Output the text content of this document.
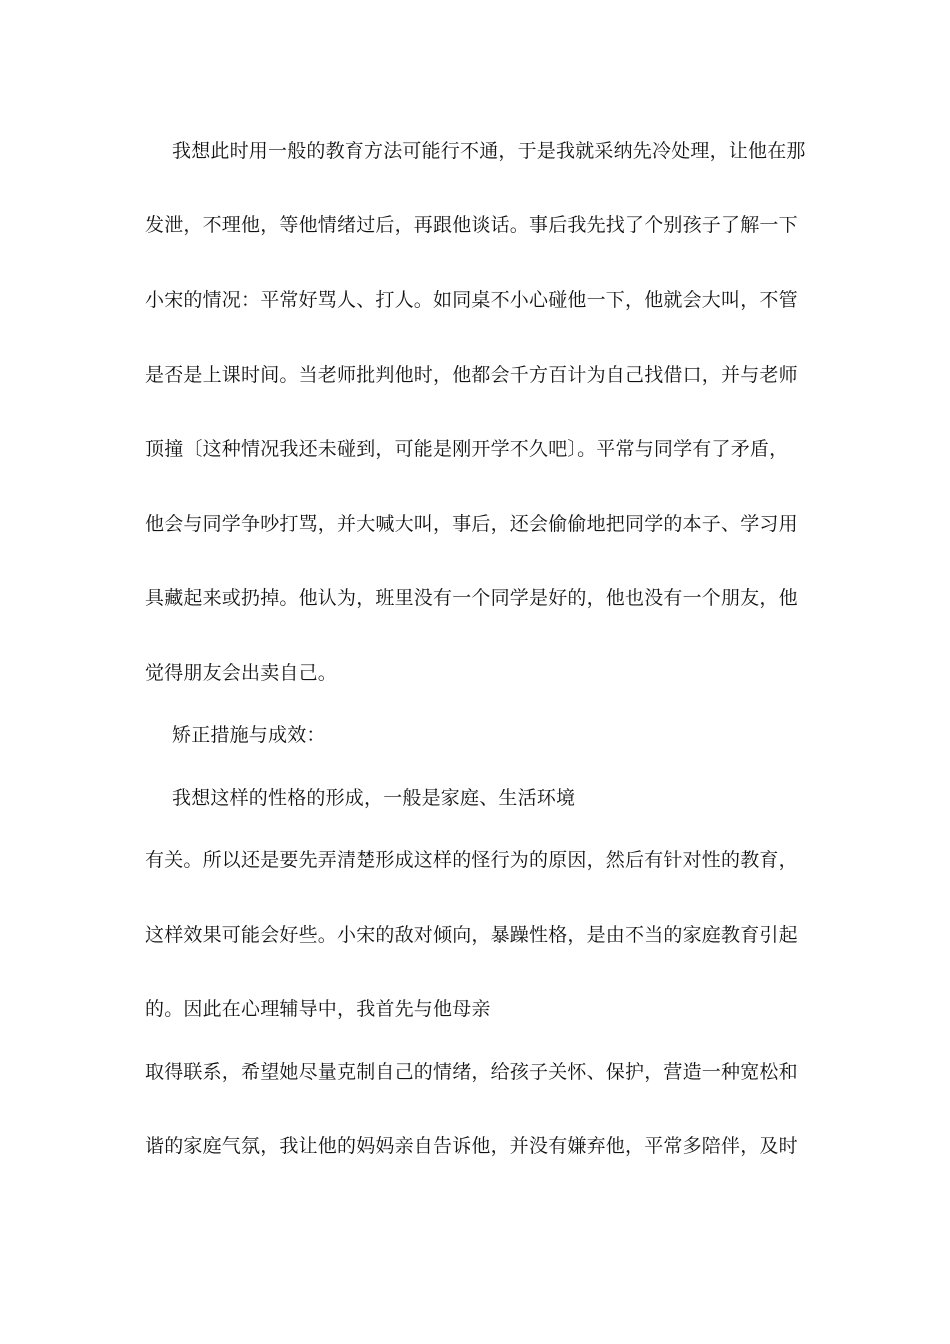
我想此时用一般的教育方法可能行不通，于是我就采纳先冷处理，让他在那
发泄，不理他，等他情绪过后，再跟他谈话。事后我先找了个别孩子了解一下
小宋的情况：平常好骂人、打人。如同桌不小心碰他一下，他就会大叫，不管
是否是上课时间。当老师批判他时，他都会千方百计为自己找借口，并与老师
顶撞〔这种情况我还未碰到，可能是刚开学不久吧〕。平常与同学有了矛盾，
他会与同学争吵打骂，并大喊大叫，事后，还会偷偷地把同学的本子、学习用
具藏起来或扔掉。他认为，班里没有一个同学是好的，他也没有一个朋友，他
觉得朋友会出卖自己。
矫正措施与成效：
我想这样的性格的形成，一般是家庭、生活环境
有关。所以还是要先弄清楚形成这样的怪行为的原因，然后有针对性的教育，
这样效果可能会好些。小宋的敌对倾向，暴躁性格，是由不当的家庭教育引起
的。因此在心理辅导中，我首先与他母亲
取得联系，希望她尽量克制自己的情绪，给孩子关怀、保护，营造一种宽松和
谐的家庭气氛，我让他的妈妈亲自告诉他，并没有嫌弃他，平常多陪伴，及时
